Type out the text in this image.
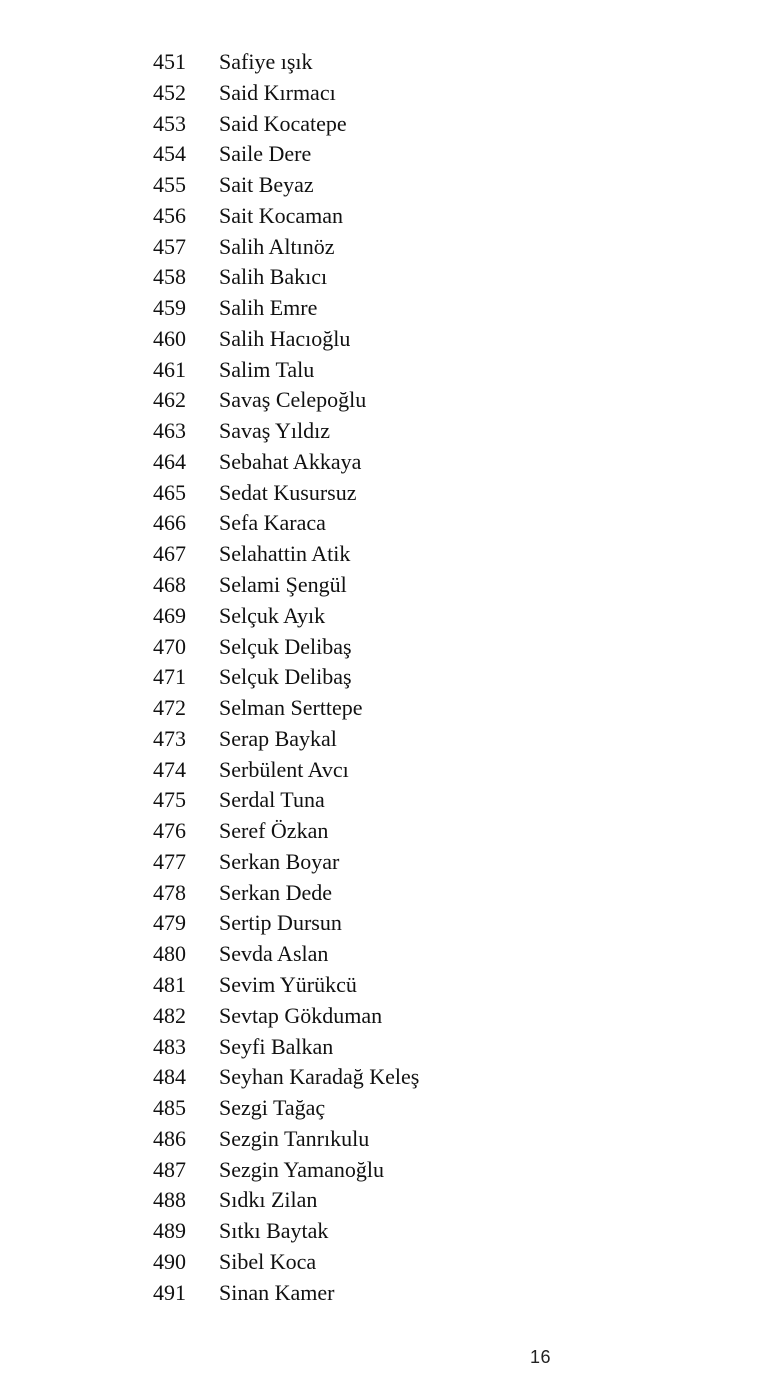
451	Safiye ışık
452	Said Kırmacı
453	Said Kocatepe
454	Saile Dere
455	Sait Beyaz
456	Sait Kocaman
457	Salih Altınöz
458	Salih Bakıcı
459	Salih Emre
460	Salih Hacıoğlu
461	Salim Talu
462	Savaş Celepoğlu
463	Savaş Yıldız
464	Sebahat Akkaya
465	Sedat Kusursuz
466	Sefa Karaca
467	Selahattin Atik
468	Selami Şengül
469	Selçuk Ayık
470	Selçuk Delibaş
471	Selçuk Delibaş
472	Selman Serttepe
473	Serap Baykal
474	Serbülent Avcı
475	Serdal Tuna
476	Seref Özkan
477	Serkan Boyar
478	Serkan Dede
479	Sertip Dursun
480	Sevda Aslan
481	Sevim Yürükcü
482	Sevtap Gökduman
483	Seyfi Balkan
484	Seyhan Karadağ Keleş
485	Sezgi Tağaç
486	Sezgin Tanrıkulu
487	Sezgin Yamanoğlu
488	Sıdkı Zilan
489	Sıtkı Baytak
490	Sibel Koca
491	Sinan Kamer
16
